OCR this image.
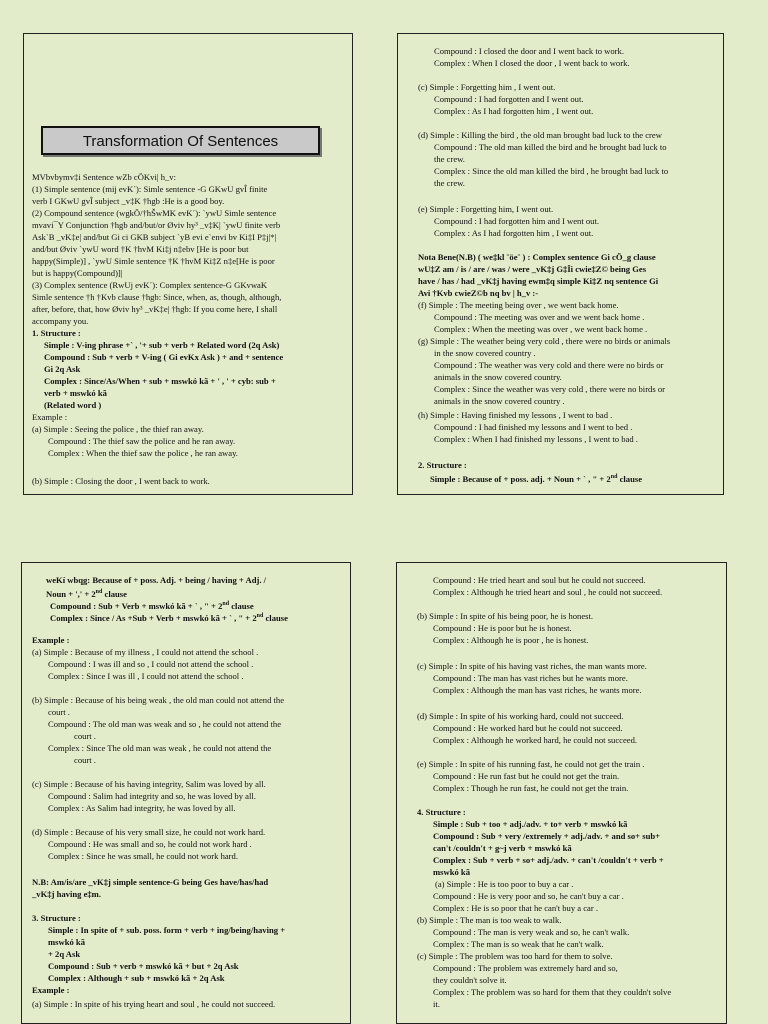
Transformation Of Sentences
MVbvbymv‡i Sentence wZb cÖKvi| h_v:
(1) Simple sentence (mij evK´): Simle sentence -G GKwU gvÎ finite
verb I GKwU gvÎ subject _v‡K †hgb :He is a good boy.
(2) Compound sentence (wgkÖ/†hŠwMK evK´): `ywU Simle sentence
mvavi¯Y Conjunction †hgb and/but/or Øviv hy³ _v‡K| `ywU finite verb
Ask`B _vK‡e| and/but Gi ci GKB subject `yB evi e`envi bv Ki‡I P‡j|*|
and/but Øviv `ywU word †K †hvM Ki‡j n‡ebv [He is poor but
happy(Simple)] , `ywU Simle sentence †K †hvM Ki‡Z n‡e[He is poor
but is happy(Compound)]|
(3) Complex sentence (RwUj evK´): Complex sentence-G GKvwaK
Simle sentence †h †Kvb clause †hgb: Since, when, as, though, although,
after, before, that, how Øviv hy³ _vK‡e| †hgb: If you come here, I shall
accompany you.
1. Structure :
Simple : V-ing phrase +` , '+ sub + verb + Related word (2q Ask)
Compound : Sub + verb + V-ing ( Gi evKx Ask ) + and + sentence
Gi 2q Ask
Complex : Since/As/When + sub + mswkó kã + ' , ' + cyb: sub +
verb + mswkó kã
(Related word )
Example :
(a) Simple : Seeing the police , the thief ran away.
Compound : The thief saw the police and he ran away.
Complex : When the thief saw the police , he ran away.
(b) Simple : Closing the door , I went back to work.
Compound : I closed the door and I went back to work.
Complex : When I closed the door , I went back to work.
(c) Simple : Forgetting him , I went out.
Compound : I had forgotten and I went out.
Complex : As I had forgotten him , I went out.
(d) Simple : Killing the bird , the old man brought bad luck to the crew
Compound : The old man killed the bird and he brought bad luck to
the crew.
Complex : Since the old man killed the bird , he brought bad luck to
the crew.
(e) Simple : Forgetting him, I went out.
Compound : I had forgotten him and I went out.
Complex : As I had forgotten him , I went out.
Nota Bene(N.B) ( we‡kl ¨öe¨ ) : Complex sentence Gi cÖ_g clause
wU‡Z am / is / are / was / were _vK‡j G‡Ïi cwie‡Z© being Ges
have / has / had _vK‡j having ewm‡q simple Ki‡Z nq sentence Gi
Avi †Kvb cwieZ©b nq bv | h_v :-
(f) Simple : The meeting being over , we went back home.
Compound : The meeting was over and we went back home .
Complex : When the meeting was over , we went back home .
(g) Simple : The weather being very cold , there were no birds or animals
in the snow covered country .
Compound : The weather was very cold and there were no birds or
animals in the snow covered country.
Complex : Since the weather was very cold , there were no birds or
animals in the snow covered country .
(h) Simple : Having finished my lessons , I went to bad .
Compound : I had finished my lessons and I went to bed .
Complex : When I had finished my lessons , I went to bad .
2. Structure :
Simple : Because of + poss. adj. + Noun + ` , " + 2nd clause
weKí wbqg: Because of + poss. Adj. + being / having + Adj. /
Noun + ',' + 2nd clause
Compound : Sub + Verb + mswkó kã + ` , " + 2nd clause
Complex : Since / As +Sub + Verb + mswkó kã + ` , " + 2nd clause
Example :
(a) Simple : Because of my illness , I could not attend the school .
Compound : I was ill and so , I could not attend the school .
Complex : Since I was ill , I could not attend the school .
(b) Simple : Because of his being weak , the old man could not attend the
court .
Compound : The old man was weak and so , he could not attend the
court .
Complex : Since The old man was weak , he could not attend the
court .
(c) Simple : Because of his having integrity, Salim was loved by all.
Compound : Salim had integrity and so, he was loved by all.
Complex : As Salim had integrity, he was loved by all.
(d) Simple : Because of his very small size, he could not work hard.
Compound : He was small and so, he could not work hard .
Complex : Since he was small, he could not work hard.
N.B: Am/is/are _vK‡j simple sentence-G being Ges have/has/had
_vK‡j having e‡m.
3. Structure :
Simple : In spite of + sub. poss. form + verb + ing/being/having +
mswkó kã
+ 2q Ask
Compound : Sub + verb + mswkó kã + but + 2q Ask
Complex : Although + sub + mswkó kã + 2q Ask
Example :
(a) Simple : In spite of his trying heart and soul , he could not succeed.
Compound : He tried heart and soul but he could not succeed.
Complex : Although he tried heart and soul , he could not succeed.
(b) Simple : In spite of his being poor, he is honest.
Compound : He is poor but he is honest.
Complex : Although he is poor , he is honest.
(c) Simple : In spite of his having vast riches, the man wants more.
Compound : The man has vast riches but he wants more.
Complex : Although the man has vast riches, he wants more.
(d) Simple : In spite of his working hard, could not succeed.
Compound : He worked hard but he could not succeed.
Complex : Although he worked hard, he could not succeed.
(e) Simple : In spite of his running fast, he could not get the train .
Compound : He run fast but he could not get the train.
Complex : Though he run fast, he could not get the train.
4. Structure :
Simple : Sub + too + adj./adv. + to+ verb + mswkó kã
Compound : Sub + very /extremely + adj./adv. + and so+ sub+
can't /couldn't + g~j verb + mswkó kã
Complex : Sub + verb + so+ adj./adv. + can't /couldn't + verb +
mswkó kã
(a) Simple : He is too poor to buy a car .
Compound : He is very poor and so, he can't buy a car .
Complex : He is so poor that he can't buy a car .
(b) Simple : The man is too weak to walk.
Compound : The man is very weak and so, he can't walk.
Complex : The man is so weak that he can't walk.
(c) Simple : The problem was too hard for them to solve.
Compound : The problem was extremely hard and so,
they couldn't solve it.
Complex : The problem was so hard for them that they couldn't solve
it.
